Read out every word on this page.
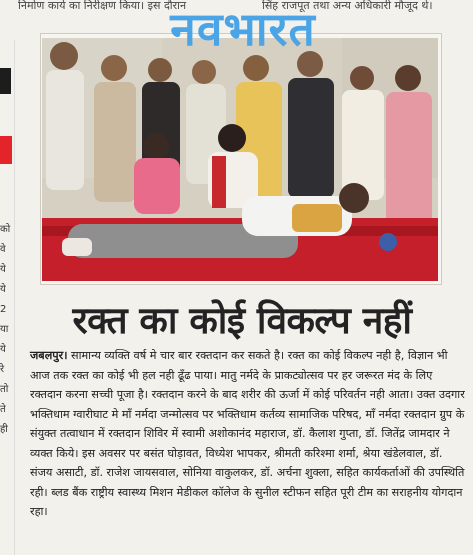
निर्माण कार्य का निरीक्षण किया। इस दौरान	सिंह राजपूत तथा अन्य अधिकारी मौजूद थे।
को
वे
ये
ये
2
या
ये
रे
तो
ते
ही
नवभारत
रक्त का कोई विकल्प नहीं
जबलपुर। सामान्य व्यक्ति वर्ष मे चार बार रक्तदान कर सकते है। रक्त का कोई विकल्प नही है, विज्ञान भी आज तक रक्त का कोई भी हल नही ढूँढ पाया। मातु नर्मदे के प्राकट्योत्सव पर हर जरूरत मंद के लिए रक्तदान करना सच्ची पूजा है। रक्तदान करने के बाद शरीर की ऊर्जा में कोई परिवर्तन नही आता। उक्त उदगार भक्तिधाम ग्वारीघाट मे माँ नर्मदा जन्मोत्सव पर भक्तिधाम कर्तव्य सामाजिक परिषद, माँ नर्मदा रक्तदान ग्रुप के संयुक्त तत्वाधान में रक्तदान शिविर में स्वामी अशोकानंद महाराज, डॉ. कैलाश गुप्ता, डॉ. जितेंद्र जामदार ने व्यक्त किये। इस अवसर पर बसंत घोड़ावत, विध्येश भापकर, श्रीमती करिश्मा शर्मा, श्रेया खंडेलवाल, डॉ. संजय असाटी, डॉ. राजेश जायसवाल, सोनिया वाकुलकर, डॉ. अर्चना शुक्ला, सहित कार्यकर्ताओं की उपस्थिति रही। ब्लड बैंक राष्ट्रीय स्वास्थ्य मिशन मेडीकल कॉलेज के सुनील स्टीफन सहित पूरी टीम का सराहनीय योगदान रहा।
